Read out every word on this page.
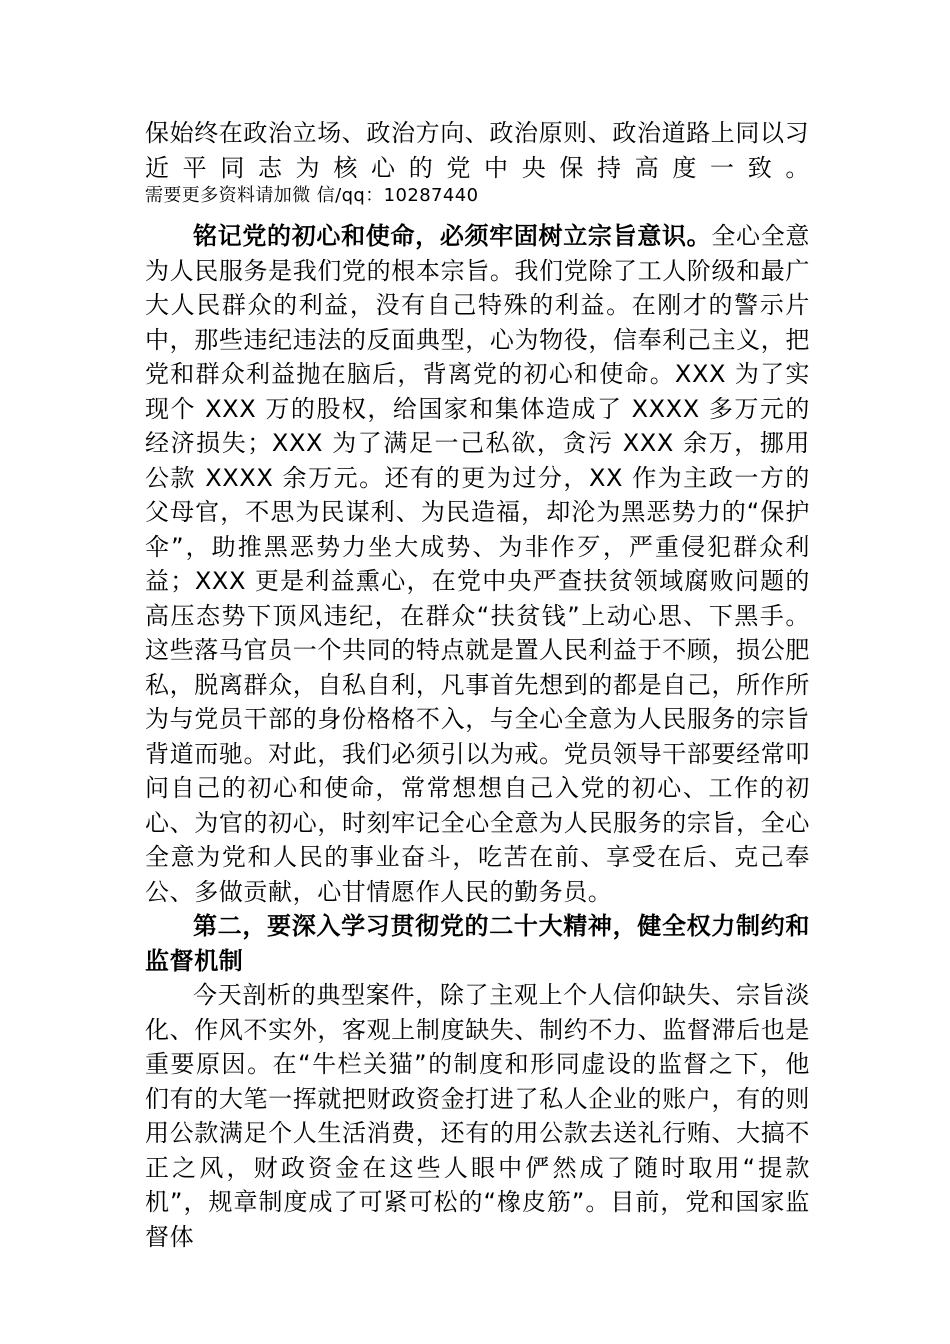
保始终在政治立场、政治方向、政治原则、政治道路上同以习
近平同志为核心的党中央保持高度一致。

需要更多资料请加微 信/qq：10287440

铭记党的初心和使命，必须牢固树立宗旨意识。全心全意为人民服务是我们党的根本宗旨。我们党除了工人阶级和最广大人民群众的利益，没有自己特殊的利益。在刚才的警示片中，那些违纪违法的反面典型，心为物役，信奉利己主义，把党和群众利益抛在脑后，背离党的初心和使命。XXX 为了实现个 XXX 万的股权，给国家和集体造成了 XXXX 多万元的经济损失；XXX 为了满足一己私欲，贪污 XXX 余万，挪用公款 XXXX 余万元。还有的更为过分，XX 作为主政一方的父母官，不思为民谋利、为民造福，却沦为黑恶势力的“保护伞”，助推黑恶势力坐大成势、为非作歹，严重侵犯群众利益；XXX 更是利益熏心，在党中央严查扶贫领域腐败问题的高压态势下顶风违纪，在群众“扶贫钱”上动心思、下黑手。这些落马官员一个共同的特点就是置人民利益于不顾，损公肥私，脱离群众，自私自利，凡事首先想到的都是自己，所作所为与党员干部的身份格格不入，与全心全意为人民服务的宗旨背道而驰。对此，我们必须引以为戒。党员领导干部要经常叩问自己的初心和使命，常常想想自己入党的初心、工作的初心、为官的初心，时刻牢记全心全意为人民服务的宗旨，全心全意为党和人民的事业奋斗，吃苦在前、享受在后、克己奉公、多做贡献，心甘情愿作人民的勤务员。

第二，要深入学习贯彻党的二十大精神，健全权力制约和监督机制

今天剖析的典型案件，除了主观上个人信仰缺失、宗旨淡化、作风不实外，客观上制度缺失、制约不力、监督滞后也是重要原因。在“牛栏关猫”的制度和形同虚设的监督之下，他们有的大笔一挥就把财政资金打进了私人企业的账户，有的则用公款满足个人生活消费，还有的用公款去送礼行贿、大搞不正之风，财政资金在这些人眼中俨然成了随时取用“提款机”，规章制度成了可紧可松的“橡皮筋”。目前，党和国家监督体
